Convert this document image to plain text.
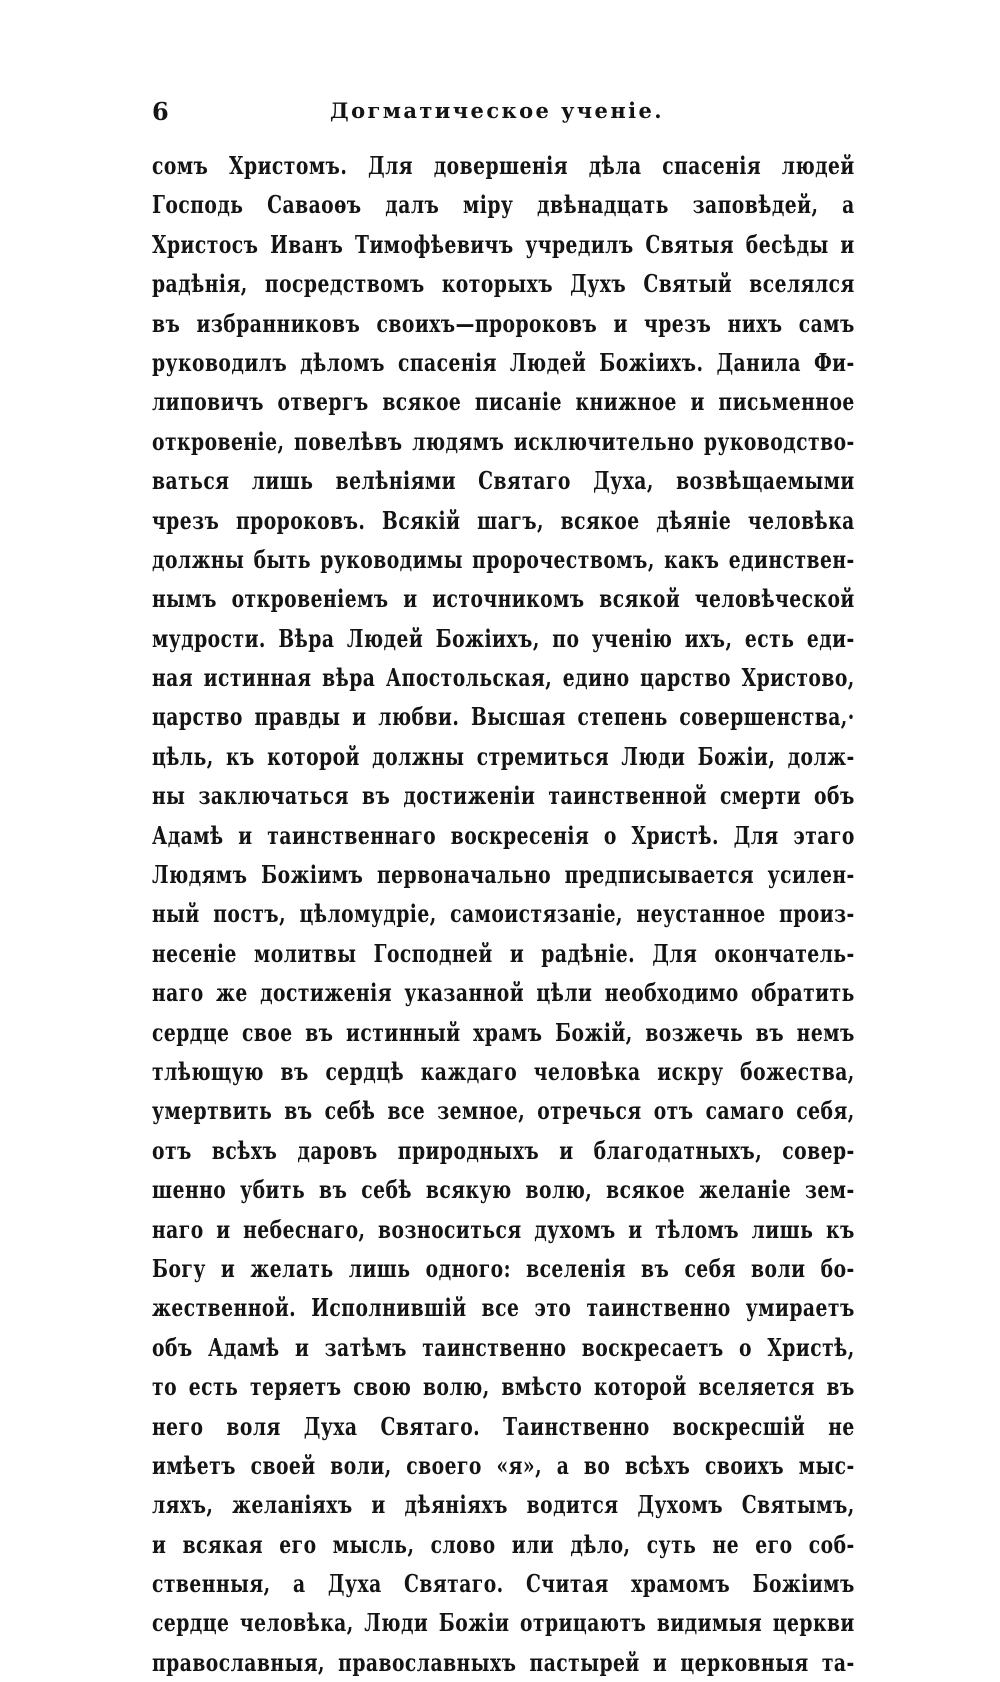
6	Догматическое ученіе.
сомъ Христомъ. Для довершенія дѣла спасенія людей
Господь Саваоѳъ далъ міру двѣнадцать заповѣдей, а
Христосъ Иванъ Тимофѣевичъ учредилъ Святыя бесѣды и
радѣнія, посредствомъ которыхъ Духъ Святый вселялся
въ избранниковъ своихъ—пророковъ и чрезъ нихъ самъ
руководилъ дѣломъ спасенія Людей Божіихъ. Данила Фи-
липовичъ отвергъ всякое писаніе книжное и письменное
откровеніе, повелѣвъ людямъ исключительно руководство-
ваться лишь велѣніями Святаго Духа, возвѣщаемыми
чрезъ пророковъ. Всякій шагъ, всякое дѣяніе человѣка
должны быть руководимы пророчествомъ, какъ единствен-
нымъ откровеніемъ и источникомъ всякой человѣческой
мудрости. Вѣра Людей Божіихъ, по ученію ихъ, есть еди-
ная истинная вѣра Апостольская, едино царство Христово,
царство правды и любви. Высшая степень совершенства,·
цѣль, къ которой должны стремиться Люди Божіи, долж-
ны заключаться въ достиженіи таинственной смерти объ
Адамѣ и таинственнаго воскресенія о Христѣ. Для этаго
Людямъ Божіимъ первоначально предписывается усилен-
ный постъ, цѣломудріе, самоистязаніе, неустанное произ-
несеніе молитвы Господней и радѣніе. Для окончатель-
наго же достиженія указанной цѣли необходимо обратить
сердце свое въ истинный храмъ Божій, возжечь въ немъ
тлѣющую въ сердцѣ каждаго человѣка искру божества,
умертвить въ себѣ все земное, отречься отъ самаго себя,
отъ всѣхъ даровъ природныхъ и благодатныхъ, совер-
шенно убить въ себѣ всякую волю, всякое желаніе зем-
наго и небеснаго, возноситься духомъ и тѣломъ лишь къ
Богу и желать лишь одного: вселенія въ себя воли бо-
жественной. Исполнившій все это таинственно умираетъ
объ Адамѣ и затѣмъ таинственно воскресаетъ о Христѣ,
то есть теряетъ свою волю, вмѣсто которой вселяется въ
него воля Духа Святаго. Таинственно воскресшій не
имѣетъ своей воли, своего «я», а во всѣхъ своихъ мыс-
ляхъ, желаніяхъ и дѣяніяхъ водится Духомъ Святымъ,
и всякая его мысль, слово или дѣло, суть не его соб-
ственныя, а Духа Святаго. Считая храмомъ Божіимъ
сердце человѣка, Люди Божіи отрицаютъ видимыя церкви
православныя, православныхъ пастырей и церковныя та-
